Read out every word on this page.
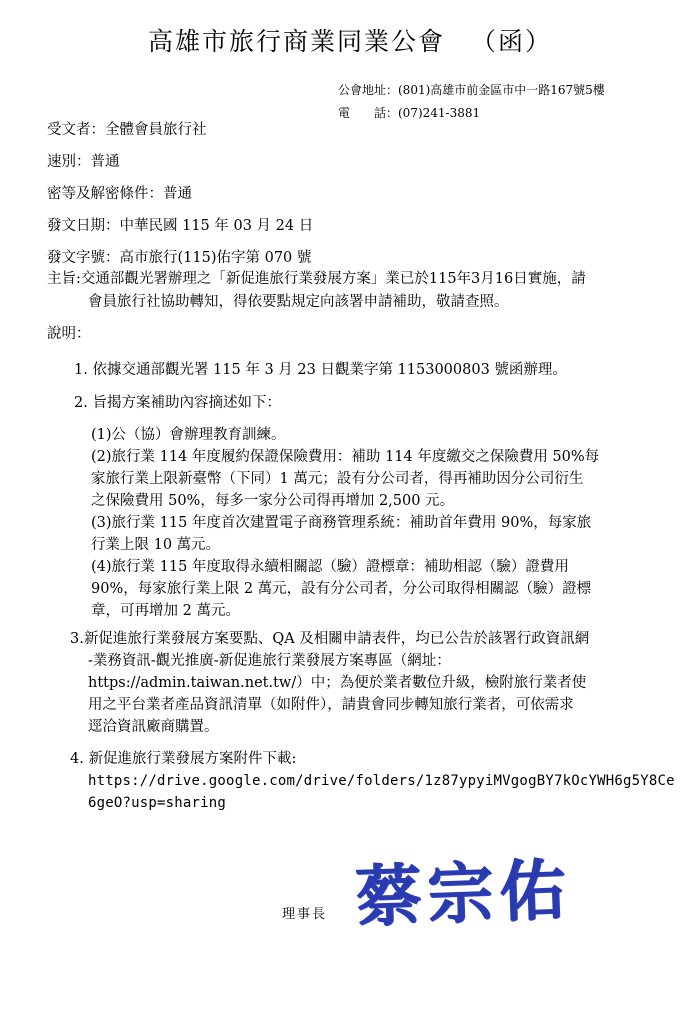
高雄市旅行商業同業公會 （函）
公會地址：(801)高雄市前金區市中一路167號5樓
電　　話：(07)241-3881
受文者：全體會員旅行社
速別：普通
密等及解密條件：普通
發文日期：中華民國 115 年 03 月 24 日
發文字號：高市旅行(115)佑字第 070 號
主旨:交通部觀光署辦理之「新促進旅行業發展方案」業已於115年3月16日實施，請
會員旅行社協助轉知，得依要點規定向該署申請補助，敬請查照。
說明：
1. 依據交通部觀光署 115 年 3 月 23 日觀業字第 1153000803 號函辦理。
2. 旨揭方案補助內容摘述如下：

(1)公（協）會辦理教育訓練。

(2)旅行業 114 年度履約保證保險費用：補助 114 年度繳交之保險費用 50%每

家旅行業上限新臺幣（下同）1 萬元；設有分公司者，得再補助因分公司衍生

之保險費用 50%，每多一家分公司得再增加 2,500 元。

(3)旅行業 115 年度首次建置電子商務管理系統：補助首年費用 90%，每家旅

行業上限 10 萬元。

(4)旅行業 115 年度取得永續相關認（驗）證標章：補助相認（驗）證費用

90%，每家旅行業上限 2 萬元，設有分公司者，分公司取得相關認（驗）證標

章，可再增加 2 萬元。

3.新促進旅行業發展方案要點、QA 及相關申請表件，均已公告於該署行政資訊網

-業務資訊-觀光推廣-新促進旅行業發展方案專區（網址：

https://admin.taiwan.net.tw/）中；為便於業者數位升級，檢附旅行業者使

用之平台業者產品資訊清單（如附件），請貴會同步轉知旅行業者，可依需求

逕洽資訊廠商購置。

4. 新促進旅行業發展方案附件下載:

https://drive.google.com/drive/folders/1z87ypyiMVgogBY7kOcYWH6g5Y8Ce

6geO?usp=sharing

理事長 蔡宗佑
